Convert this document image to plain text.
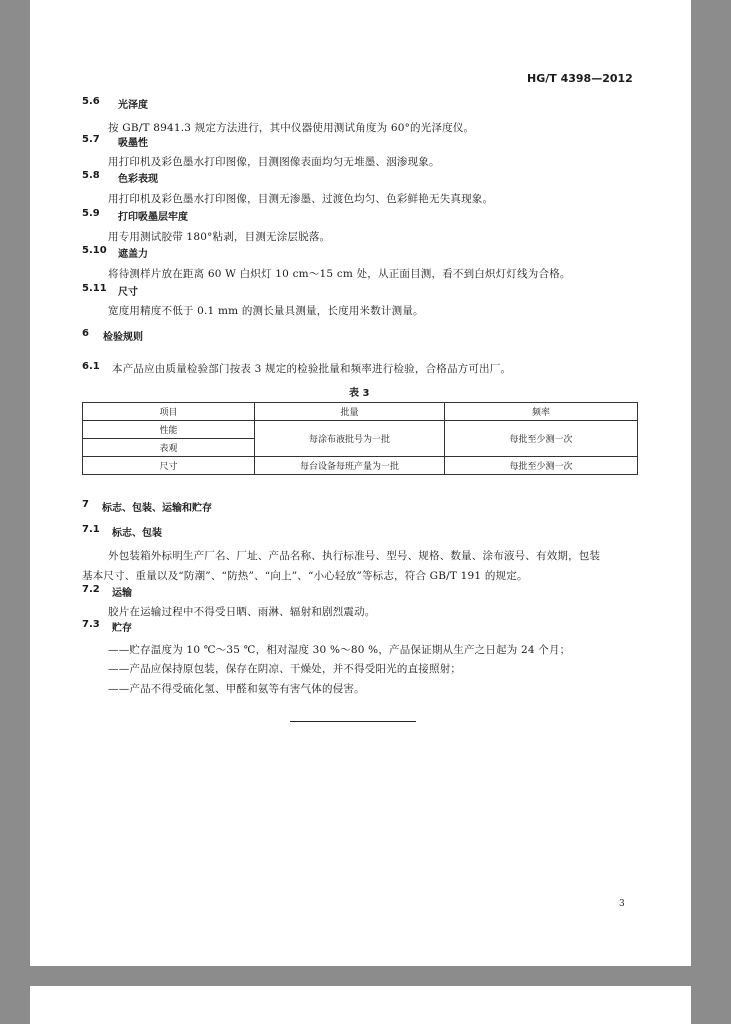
HG/T 4398—2012
5.6 光泽度
按 GB/T 8941.3 规定方法进行，其中仪器使用测试角度为 60°的光泽度仪。
5.7 吸墨性
用打印机及彩色墨水打印图像，目测图像表面均匀无堆墨、洇渗现象。
5.8 色彩表现
用打印机及彩色墨水打印图像，目测无渗墨、过渡色均匀、色彩鲜艳无失真现象。
5.9 打印吸墨层牢度
用专用测试胶带 180°粘剥，目测无涂层脱落。
5.10 遮盖力
将待测样片放在距离 60 W 白炽灯 10 cm～15 cm 处，从正面目测，看不到白炽灯灯线为合格。
5.11 尺寸
宽度用精度不低于 0.1 mm 的测长量具测量，长度用米数计测量。
6 检验规则
6.1 本产品应由质量检验部门按表 3 规定的检验批量和频率进行检验，合格品方可出厂。
表 3
项目	批量	频率
性能	每涂布液批号为一批	每批至少测一次
表观		
尺寸	每台设备每班产量为一批	每批至少测一次
7 标志、包装、运输和贮存
7.1 标志、包装
外包装箱外标明生产厂名、厂址、产品名称、执行标准号、型号、规格、数量、涂布液号、有效期，包装
基本尺寸、重量以及“防潮”、“防热”、“向上”、“小心轻放”等标志，符合 GB/T 191 的规定。
7.2 运输
胶片在运输过程中不得受日晒、雨淋、辐射和剧烈震动。
7.3 贮存
——贮存温度为 10 ℃～35 ℃，相对湿度 30 %～80 %，产品保证期从生产之日起为 24 个月；
——产品应保持原包装，保存在阴凉、干燥处，并不得受阳光的直接照射；
——产品不得受硫化氢、甲醛和氨等有害气体的侵害。
3
